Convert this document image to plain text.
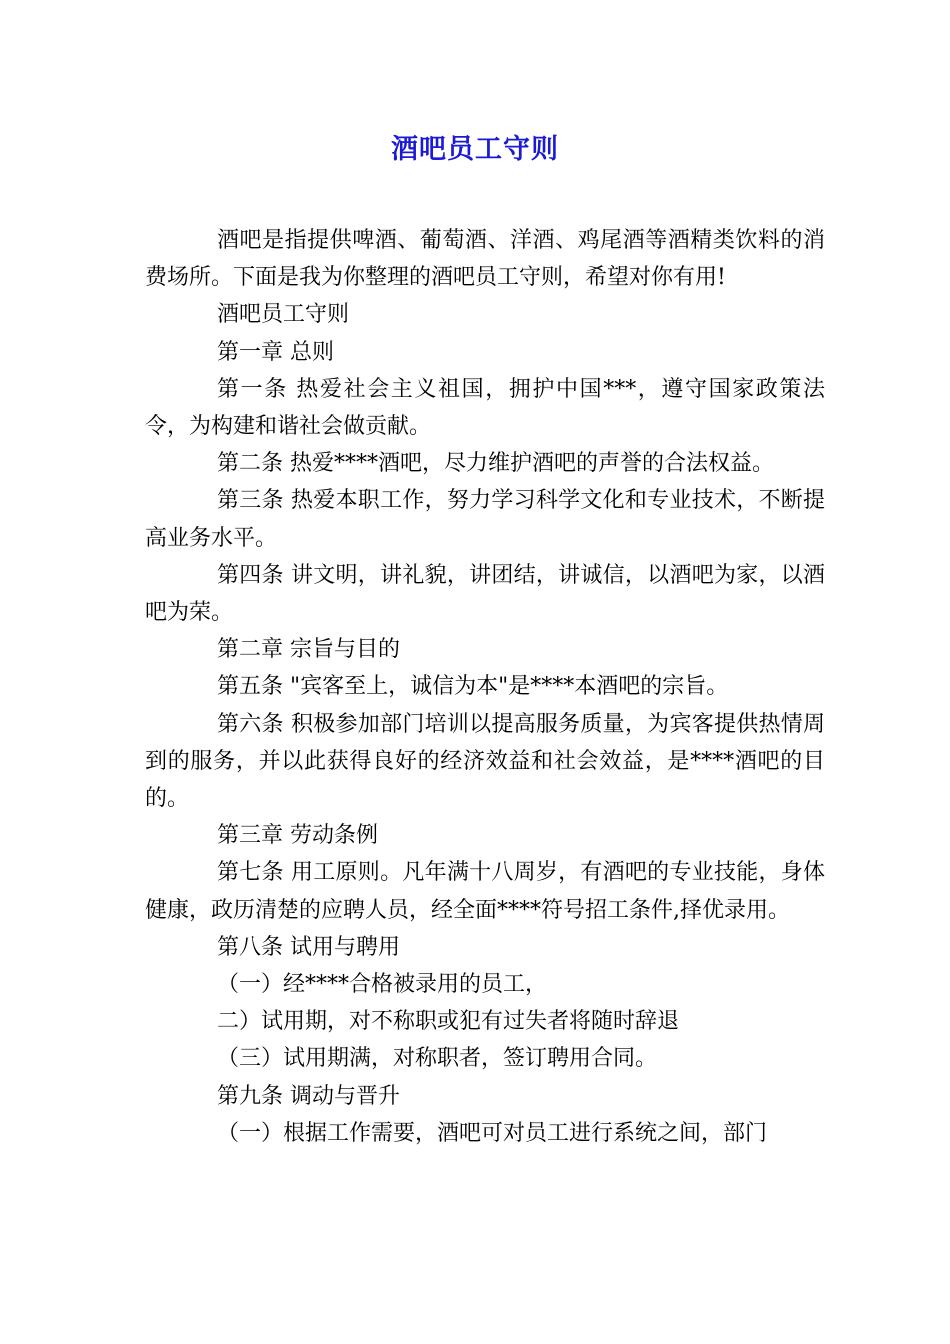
酒吧员工守则

酒吧是指提供啤酒、葡萄酒、洋酒、鸡尾酒等酒精类饮料的消费场所。下面是我为你整理的酒吧员工守则，希望对你有用!

酒吧员工守则

第一章 总则

第一条 热爱社会主义祖国，拥护中国***，遵守国家政策法令，为构建和谐社会做贡献。

第二条 热爱****酒吧，尽力维护酒吧的声誉的合法权益。

第三条 热爱本职工作，努力学习科学文化和专业技术，不断提高业务水平。

第四条 讲文明，讲礼貌，讲团结，讲诚信，以酒吧为家，以酒吧为荣。

第二章 宗旨与目的

第五条 "宾客至上，诚信为本"是****本酒吧的宗旨。

第六条 积极参加部门培训以提高服务质量，为宾客提供热情周到的服务，并以此获得良好的经济效益和社会效益，是****酒吧的目的。

第三章 劳动条例

第七条 用工原则。凡年满十八周岁，有酒吧的专业技能，身体健康，政历清楚的应聘人员，经全面****符号招工条件,择优录用。

第八条 试用与聘用

（一）经****合格被录用的员工，

二）试用期，对不称职或犯有过失者将随时辞退

（三）试用期满，对称职者，签订聘用合同。

第九条 调动与晋升

（一）根据工作需要，酒吧可对员工进行系统之间，部门
